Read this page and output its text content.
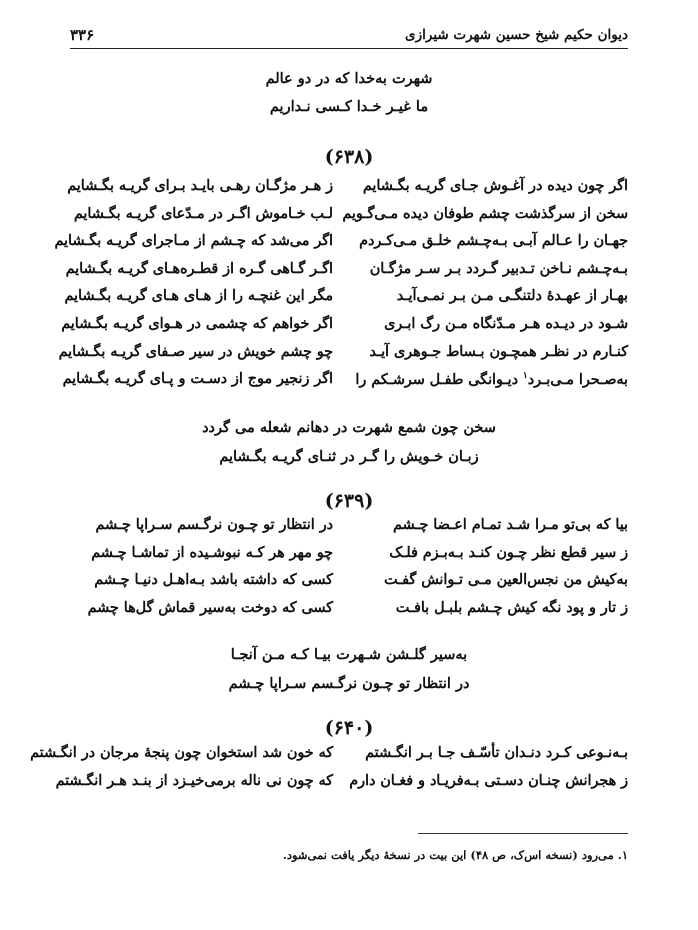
دیوان حکیم شیخ حسین شهرت شیرازی
۳۳۶
شهرت به‌خدا که در دو عالم
ما غیـر خـدا کـسی نـداریم
(۶۳۸)
اگر چون دیده در آغـوش جـای گریـه بگـشایم
ز هـر مژگـان رهـی بایـد بـرای گریـه بگـشایم
سخن از سرگذشت چشم طوفان دیده مـی‌گـویم
لـب خـاموش اگـر در مـدّعای گریـه بگـشایم
جهـان را عـالم آبـی بـه‌چـشم خلـق مـی‌کـردم
اگر می‌شد که چـشم از مـاجرای گریـه بگـشایم
بـه‌چـشم نـاخن تـدبیر گـردد بـر سـر مژگـان
اگـر گـاهی گـره از قطـره‌هـای گریـه بگـشایم
بهـار از عهـدۀ دلتنگـی مـن بـر نمـی‌آیـد
مگر این غنچـه را از هـای هـای گریـه بگـشایم
شـود در دیـده هـر مـدّنگاه مـن رگ ابـری
اگر خواهم که چشمی در هـوای گریـه بگـشایم
کنـارم در نظـر همچـون بـساط جـوهری آیـد
چو چشم خویش در سیر صـفای گریـه بگـشایم
به‌صـحرا مـی‌بـرد$^۱$ دیـوانگی طفـل سرشـکم را
اگر زنجیر موج از دسـت و پـای گریـه بگـشایم
سخن چون شمع شهرت در دهانم شعله می گردد
زبـان خـویش را گـر در ثنـای گریـه بگـشایم
(۶۳۹)
بیا که بی‌تو مـرا شـد تمـام اعـضا چـشم
در انتظار تو چـون نرگـسم سـراپا چـشم
ز سیر قطع نظر چـون کنـد بـه‌بـزم فلـک
چو مهر هر کـه نبوشـیده از تماشـا چـشم
به‌کیش من نجس‌العین مـی تـوانش گفـت
کسی که داشته باشد بـه‌اهـل دنیـا چـشم
ز تار و پود نگه کیش چـشم بلبـل بافـت
کسی که دوخت به‌سیر قماش گل‌ها چشم
به‌سیر گلـشن شـهرت بیـا کـه مـن آنجـا
در انتظار تو چـون نرگـسم سـراپا چـشم
(۶۴۰)
بـه‌نـوعی کـرد دنـدان تأسّـف جـا بـر انگـشتم
که خون شد استخوان چون پنجۀ مرجان در انگـشتم
ز هجرانش چنـان دسـتی بـه‌فریـاد و فغـان دارم
که چون نی ناله برمی‌خیـزد از بنـد هـر انگـشتم
۱. می‌رود (نسخه اس‌ک، ص ۴۸) این بیت در نسخۀ دیگر یافت نمی‌شود.
